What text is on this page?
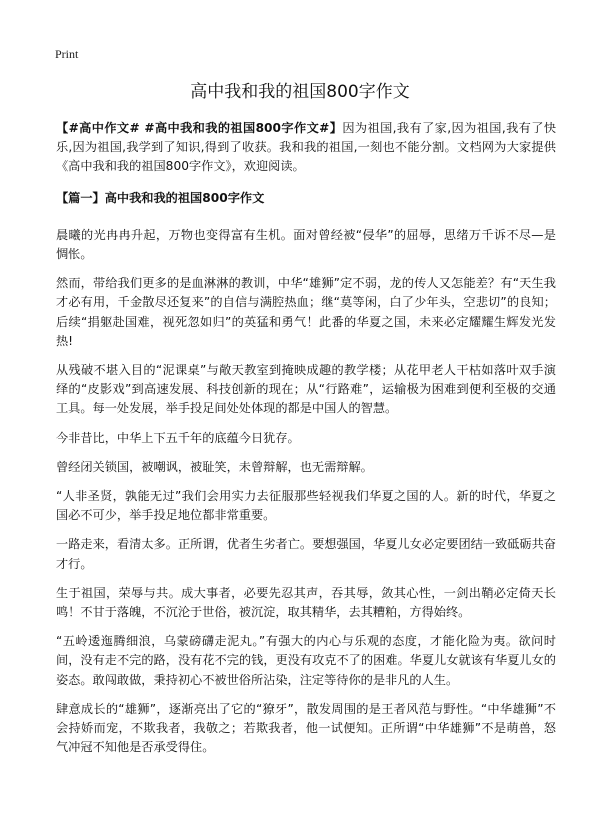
Print
高中我和我的祖国800字作文

【#高中作文# #高中我和我的祖国800字作文#】因为祖国,我有了家,因为祖国,我有了快乐,因为祖国,我学到了知识,得到了收获。我和我的祖国,一刻也不能分割。文档网为大家提供《高中我和我的祖国800字作文》，欢迎阅读。

【篇一】高中我和我的祖国800字作文

晨曦的光冉冉升起，万物也变得富有生机。面对曾经被“侵华”的屈辱，思绪万千诉不尽—是惆怅。

然而，带给我们更多的是血淋淋的教训，中华“雄狮”定不弱，龙的传人又怎能差？有“天生我才必有用，千金散尽还复来”的自信与满腔热血；继“莫等闲，白了少年头，空悲切”的良知；后续“捐躯赴国难，视死忽如归”的英猛和勇气！此番的华夏之国，未来必定耀耀生辉发光发热!

从残破不堪入目的“泥课桌”与敞天教室到掩映成趣的教学楼；从花甲老人干枯如落叶双手演绎的“皮影戏”到高速发展、科技创新的现在；从“行路难”，运输极为困难到便利至极的交通工具。每一处发展，举手投足间处处体现的都是中国人的智慧。

今非昔比，中华上下五千年的底蕴今日犹存。

曾经闭关锁国，被嘲讽，被耻笑，未曾辩解，也无需辩解。

“人非圣贤，孰能无过”我们会用实力去征服那些轻视我们华夏之国的人。新的时代，华夏之国必不可少，举手投足地位都非常重要。

一路走来，看清太多。正所谓，优者生劣者亡。要想强国，华夏儿女必定要团结一致砥砺共奋才行。

生于祖国，荣辱与共。成大事者，必要先忍其声，吞其辱，敛其心性，一剑出鞘必定倚天长鸣！不甘于落魄，不沉沦于世俗，被沉淀，取其精华，去其糟粕，方得始终。

“五岭逶迤腾细浪，乌蒙磅礴走泥丸。”有强大的内心与乐观的态度，才能化险为夷。欲问时间，没有走不完的路，没有花不完的钱，更没有攻克不了的困难。华夏儿女就该有华夏儿女的姿态。敢闯敢做，秉持初心不被世俗所沾染，注定等待你的是非凡的人生。

肆意成长的“雄狮”，逐渐亮出了它的“獠牙”，散发周围的是王者风范与野性。“中华雄狮”不会持娇而宠，不欺我者，我敬之；若欺我者，他一试便知。正所谓“中华雄狮”不是萌兽，怒气冲冠不知他是否承受得住。
